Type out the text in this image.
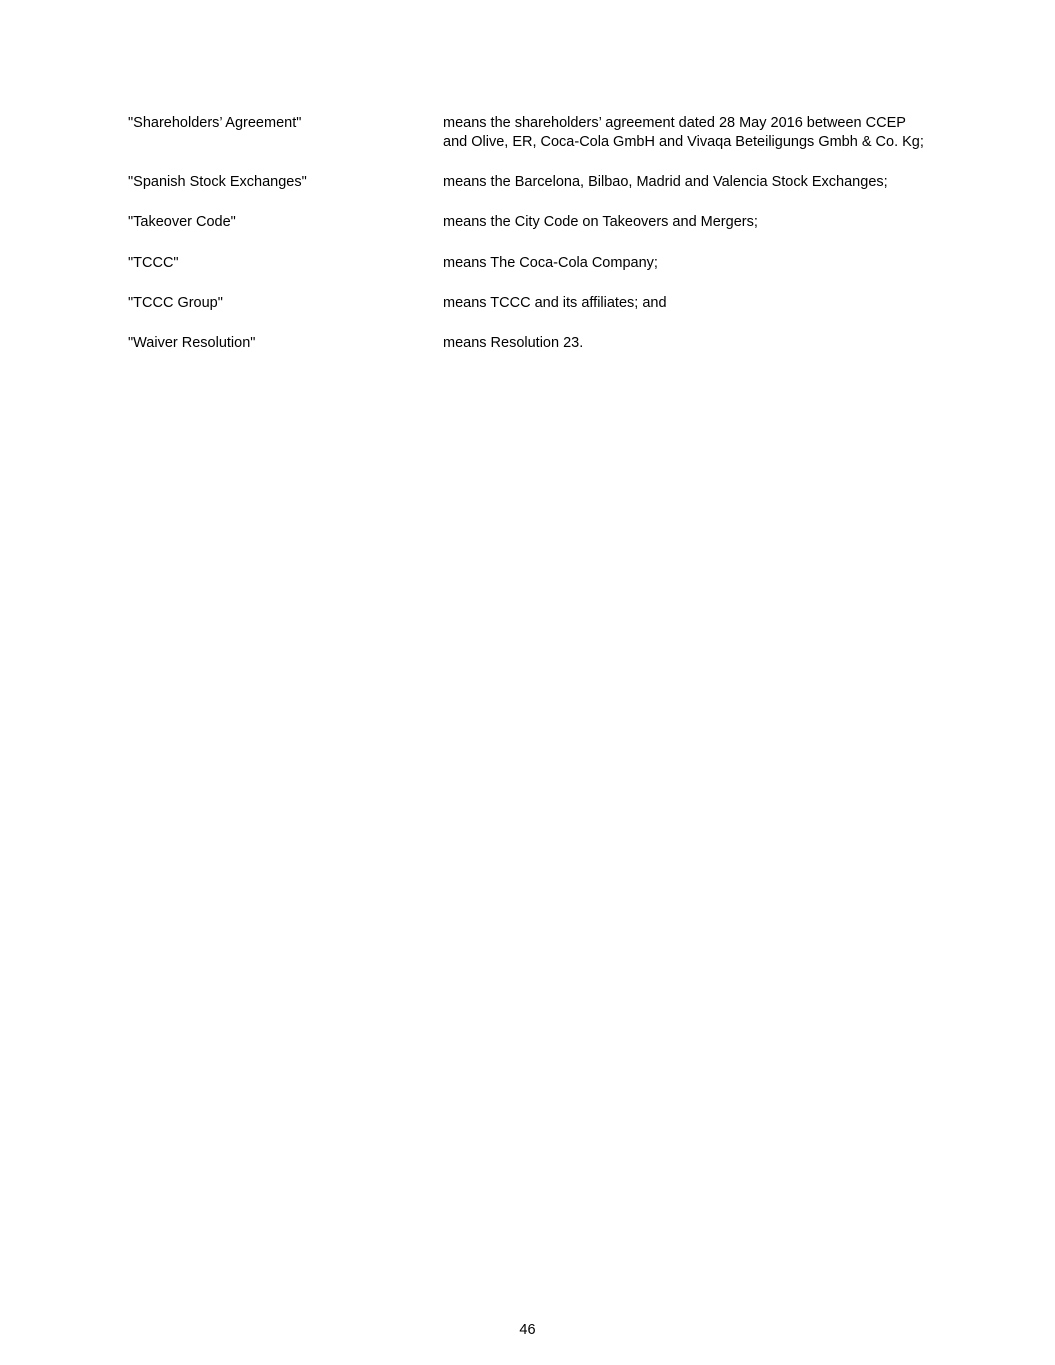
"Shareholders’ Agreement"	means the shareholders’ agreement dated 28 May 2016 between CCEP and Olive, ER, Coca-Cola GmbH and Vivaqa Beteiligungs Gmbh & Co. Kg;
"Spanish Stock Exchanges"	means the Barcelona, Bilbao, Madrid and Valencia Stock Exchanges;
"Takeover Code"	means the City Code on Takeovers and Mergers;
"TCCC"	means The Coca-Cola Company;
"TCCC Group"	means TCCC and its affiliates; and
"Waiver Resolution"	means Resolution 23.
46
